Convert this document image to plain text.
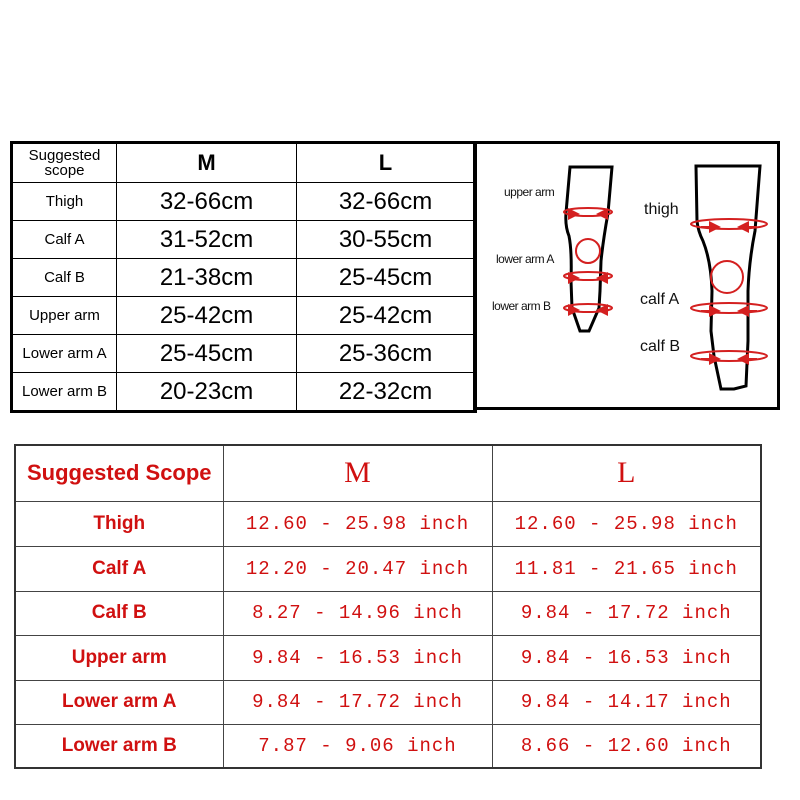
Suggested scope	M	L
Thigh	32-66cm	32-66cm
Calf A	31-52cm	30-55cm
Calf B	21-38cm	25-45cm
Upper arm	25-42cm	25-42cm
Lower arm A	25-45cm	25-36cm
Lower arm B	20-23cm	22-32cm
upper arm
lower arm A
lower arm B
thigh
calf A
calf B
Suggested Scope	M	L
Thigh	12.60 - 25.98 inch	12.60 - 25.98 inch
Calf A	12.20 - 20.47 inch	11.81 - 21.65 inch
Calf B	8.27 - 14.96 inch	9.84 - 17.72 inch
Upper arm	9.84 - 16.53 inch	9.84 - 16.53 inch
Lower arm A	9.84 - 17.72 inch	9.84 - 14.17 inch
Lower arm B	7.87 - 9.06 inch	8.66 - 12.60 inch
